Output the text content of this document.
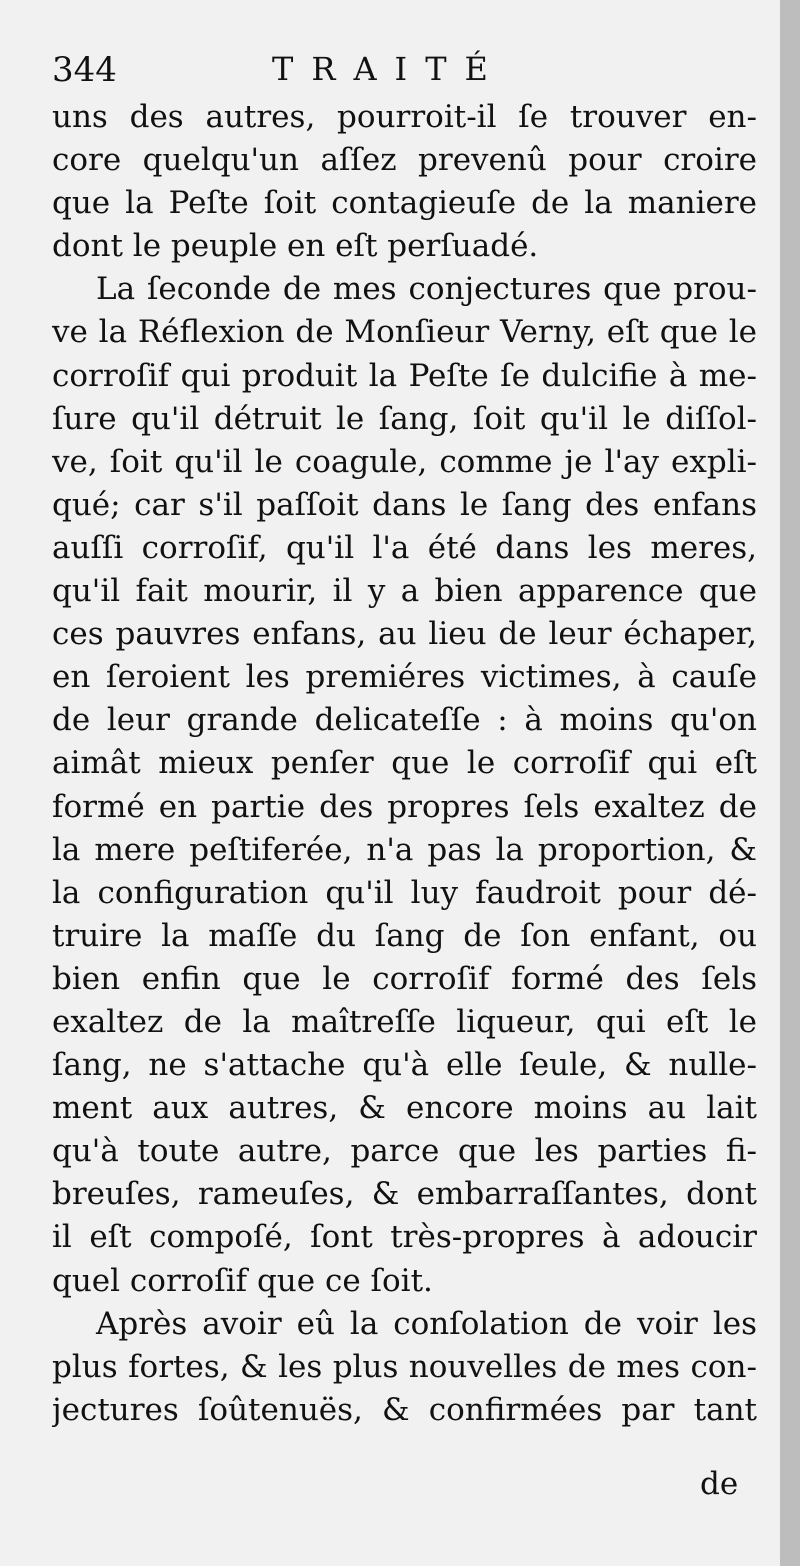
344	TRAITÉ
uns des autres, pourroit-il ſe trouver en-
core quelqu'un aſſez prevenû pour croire
que la Peſte ſoit contagieuſe de la maniere
dont le peuple en eſt perſuadé.
La ſeconde de mes conjectures que prou-
ve la Réflexion de Monſieur Verny, eſt que le
corroſif qui produit la Peſte ſe dulcifie à me-
ſure qu'il détruit le ſang, ſoit qu'il le diſſol-
ve, ſoit qu'il le coagule, comme je l'ay expli-
qué; car s'il paſſoit dans le ſang des enfans
auſſi corroſif, qu'il l'a été dans les meres,
qu'il fait mourir, il y a bien apparence que
ces pauvres enfans, au lieu de leur échaper,
en ſeroient les premiéres victimes, à cauſe
de leur grande delicateſſe : à moins qu'on
aimât mieux penſer que le corroſif qui eſt
formé en partie des propres ſels exaltez de
la mere peſtiferée, n'a pas la proportion, &
la configuration qu'il luy faudroit pour dé-
truire la maſſe du ſang de ſon enfant, ou
bien enfin que le corroſif formé des ſels
exaltez de la maîtreſſe liqueur, qui eſt le
ſang, ne s'attache qu'à elle ſeule, & nulle-
ment aux autres, & encore moins au lait
qu'à toute autre, parce que les parties fi-
breuſes, rameuſes, & embarraſſantes, dont
il eſt compoſé, ſont très-propres à adoucir
quel corroſif que ce ſoit.
Après avoir eû la conſolation de voir les
plus fortes, & les plus nouvelles de mes con-
jectures ſoûtenuës, & confirmées par tant
de
